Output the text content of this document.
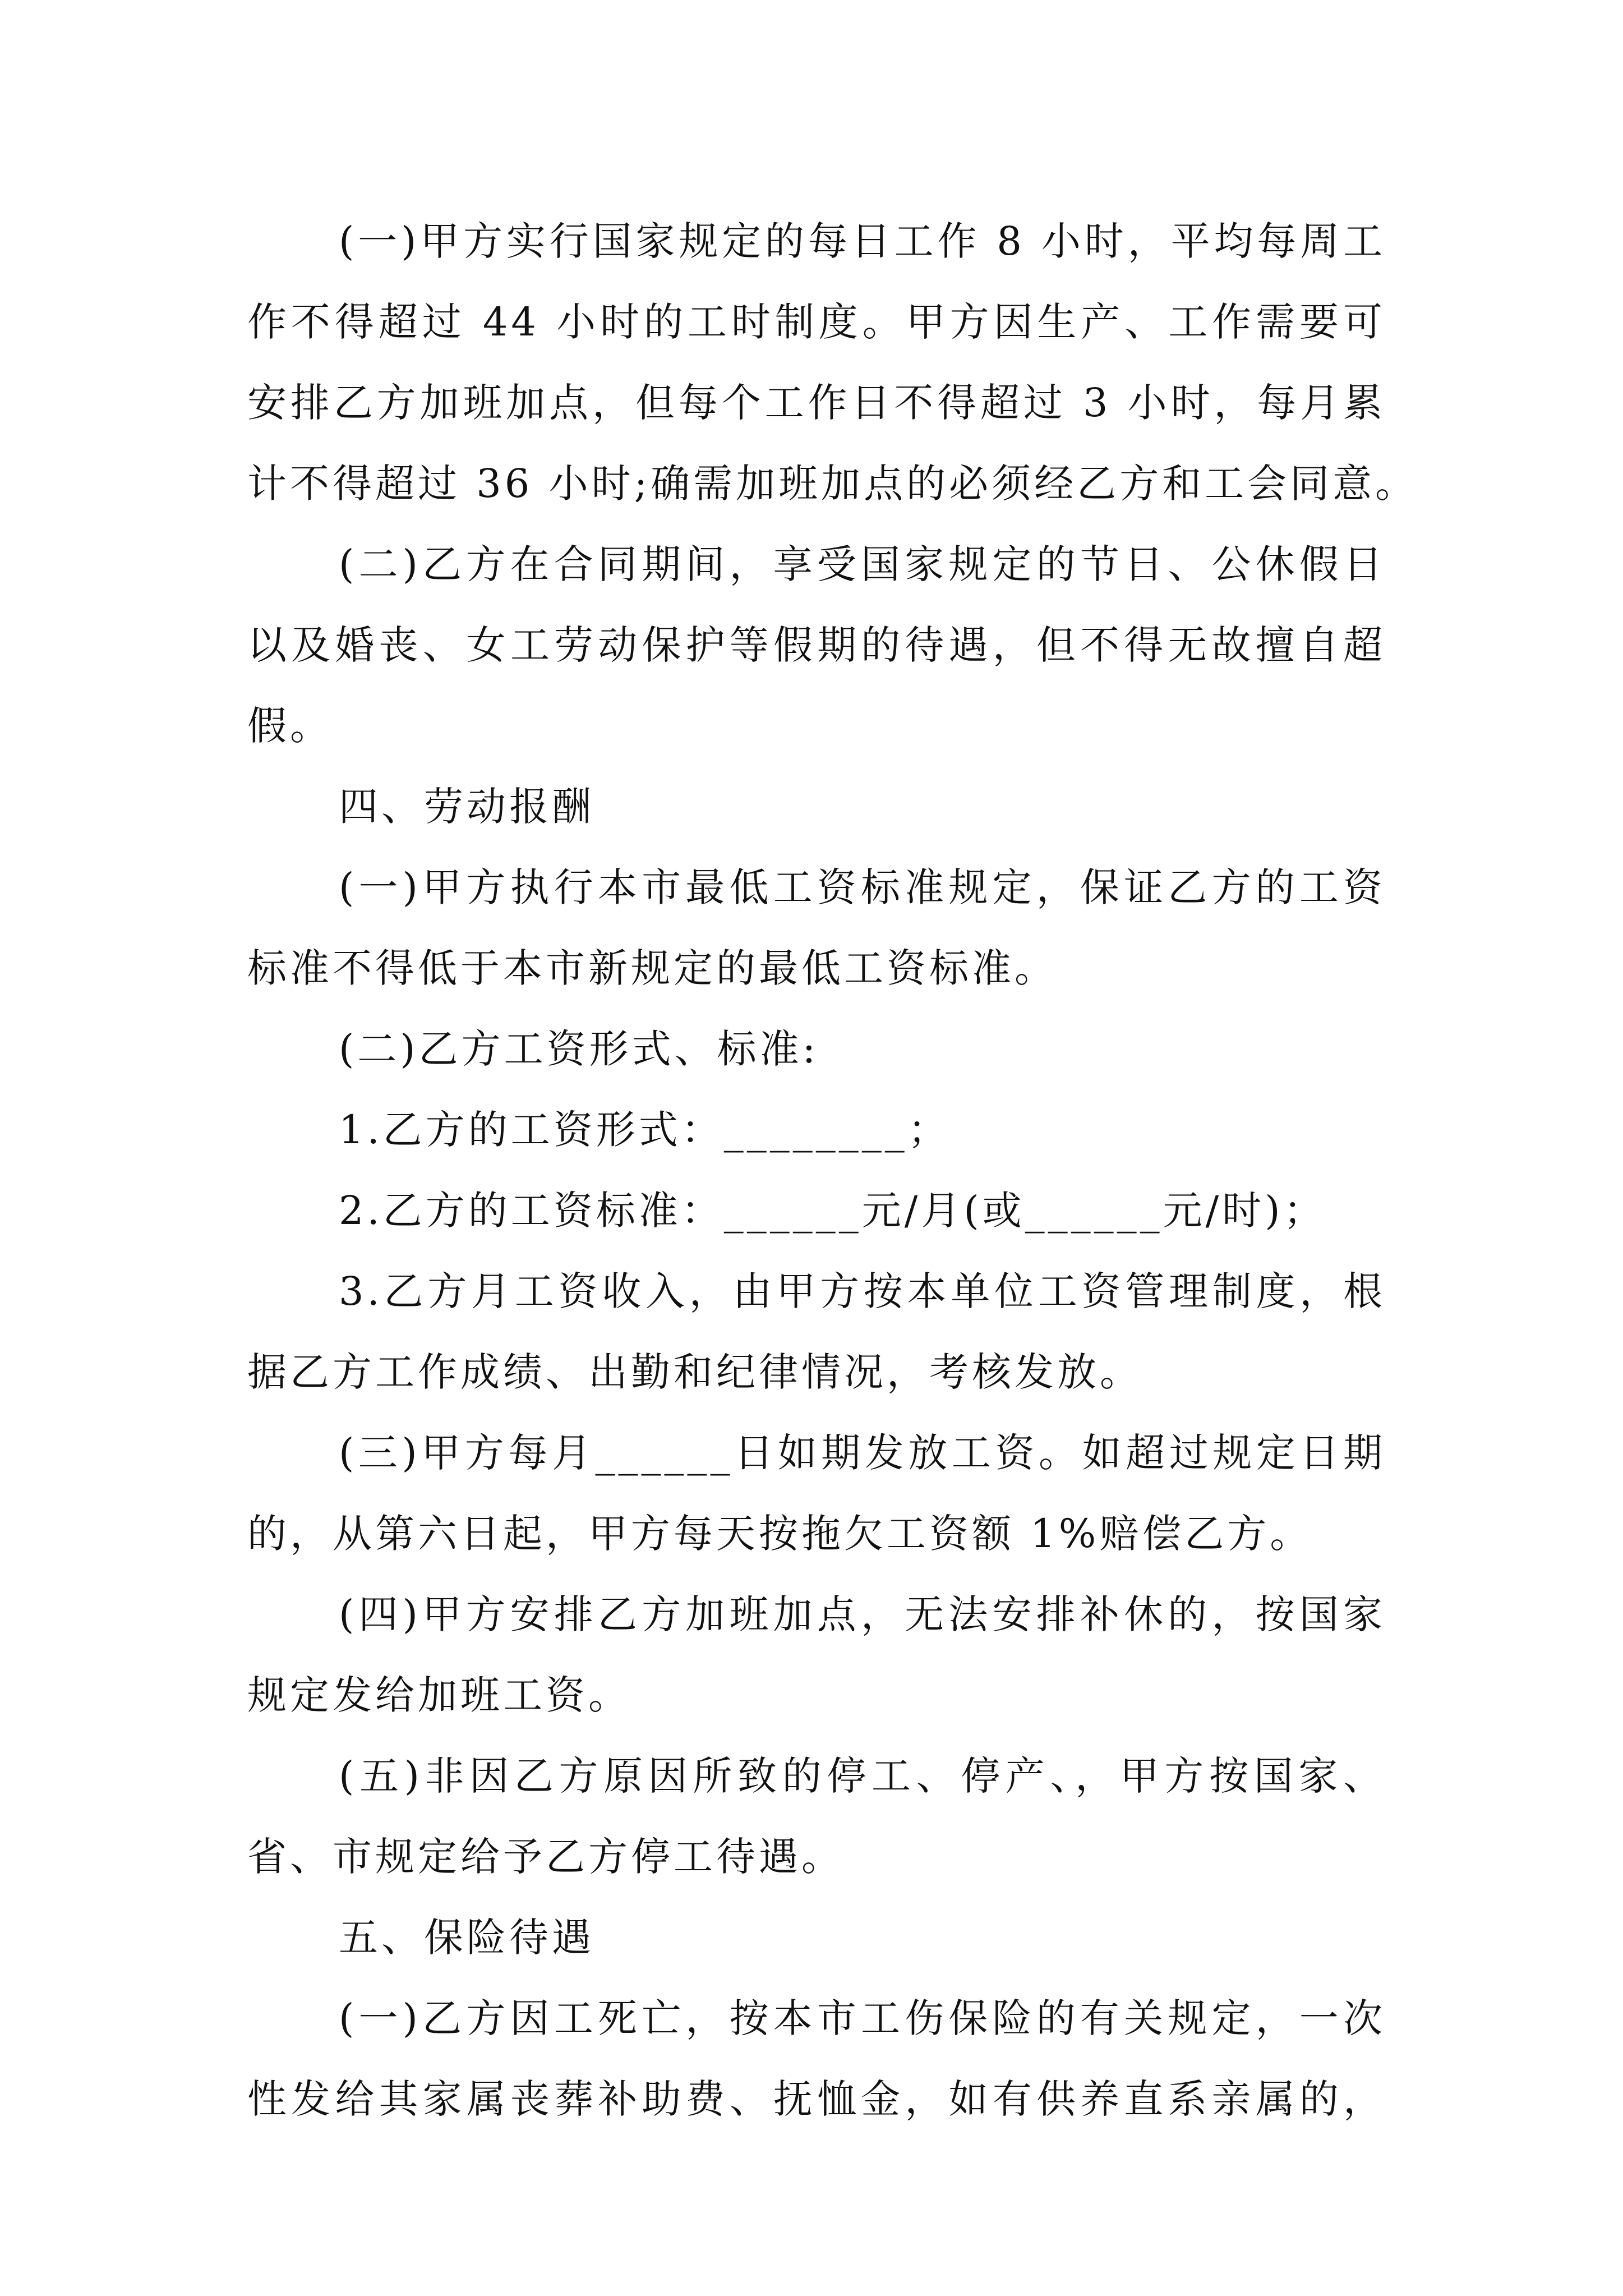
(一)甲方实行国家规定的每日工作 8 小时，平均每周工
作不得超过 44 小时的工时制度。甲方因生产、工作需要可
安排乙方加班加点，但每个工作日不得超过 3 小时，每月累
计不得超过 36 小时;确需加班加点的必须经乙方和工会同意。
(二)乙方在合同期间，享受国家规定的节日、公休假日
以及婚丧、女工劳动保护等假期的待遇，但不得无故擅自超
假。
四、劳动报酬
(一)甲方执行本市最低工资标准规定，保证乙方的工资
标准不得低于本市新规定的最低工资标准。
(二)乙方工资形式、标准:
1.乙方的工资形式：________；
2.乙方的工资标准：______元/月(或______元/时)；
3.乙方月工资收入，由甲方按本单位工资管理制度，根
据乙方工作成绩、出勤和纪律情况，考核发放。
(三)甲方每月______日如期发放工资。如超过规定日期
的，从第六日起，甲方每天按拖欠工资额 1%赔偿乙方。
(四)甲方安排乙方加班加点，无法安排补休的，按国家
规定发给加班工资。
(五)非因乙方原因所致的停工、停产、，甲方按国家、
省、市规定给予乙方停工待遇。
五、保险待遇
(一)乙方因工死亡，按本市工伤保险的有关规定，一次
性发给其家属丧葬补助费、抚恤金，如有供养直系亲属的，
